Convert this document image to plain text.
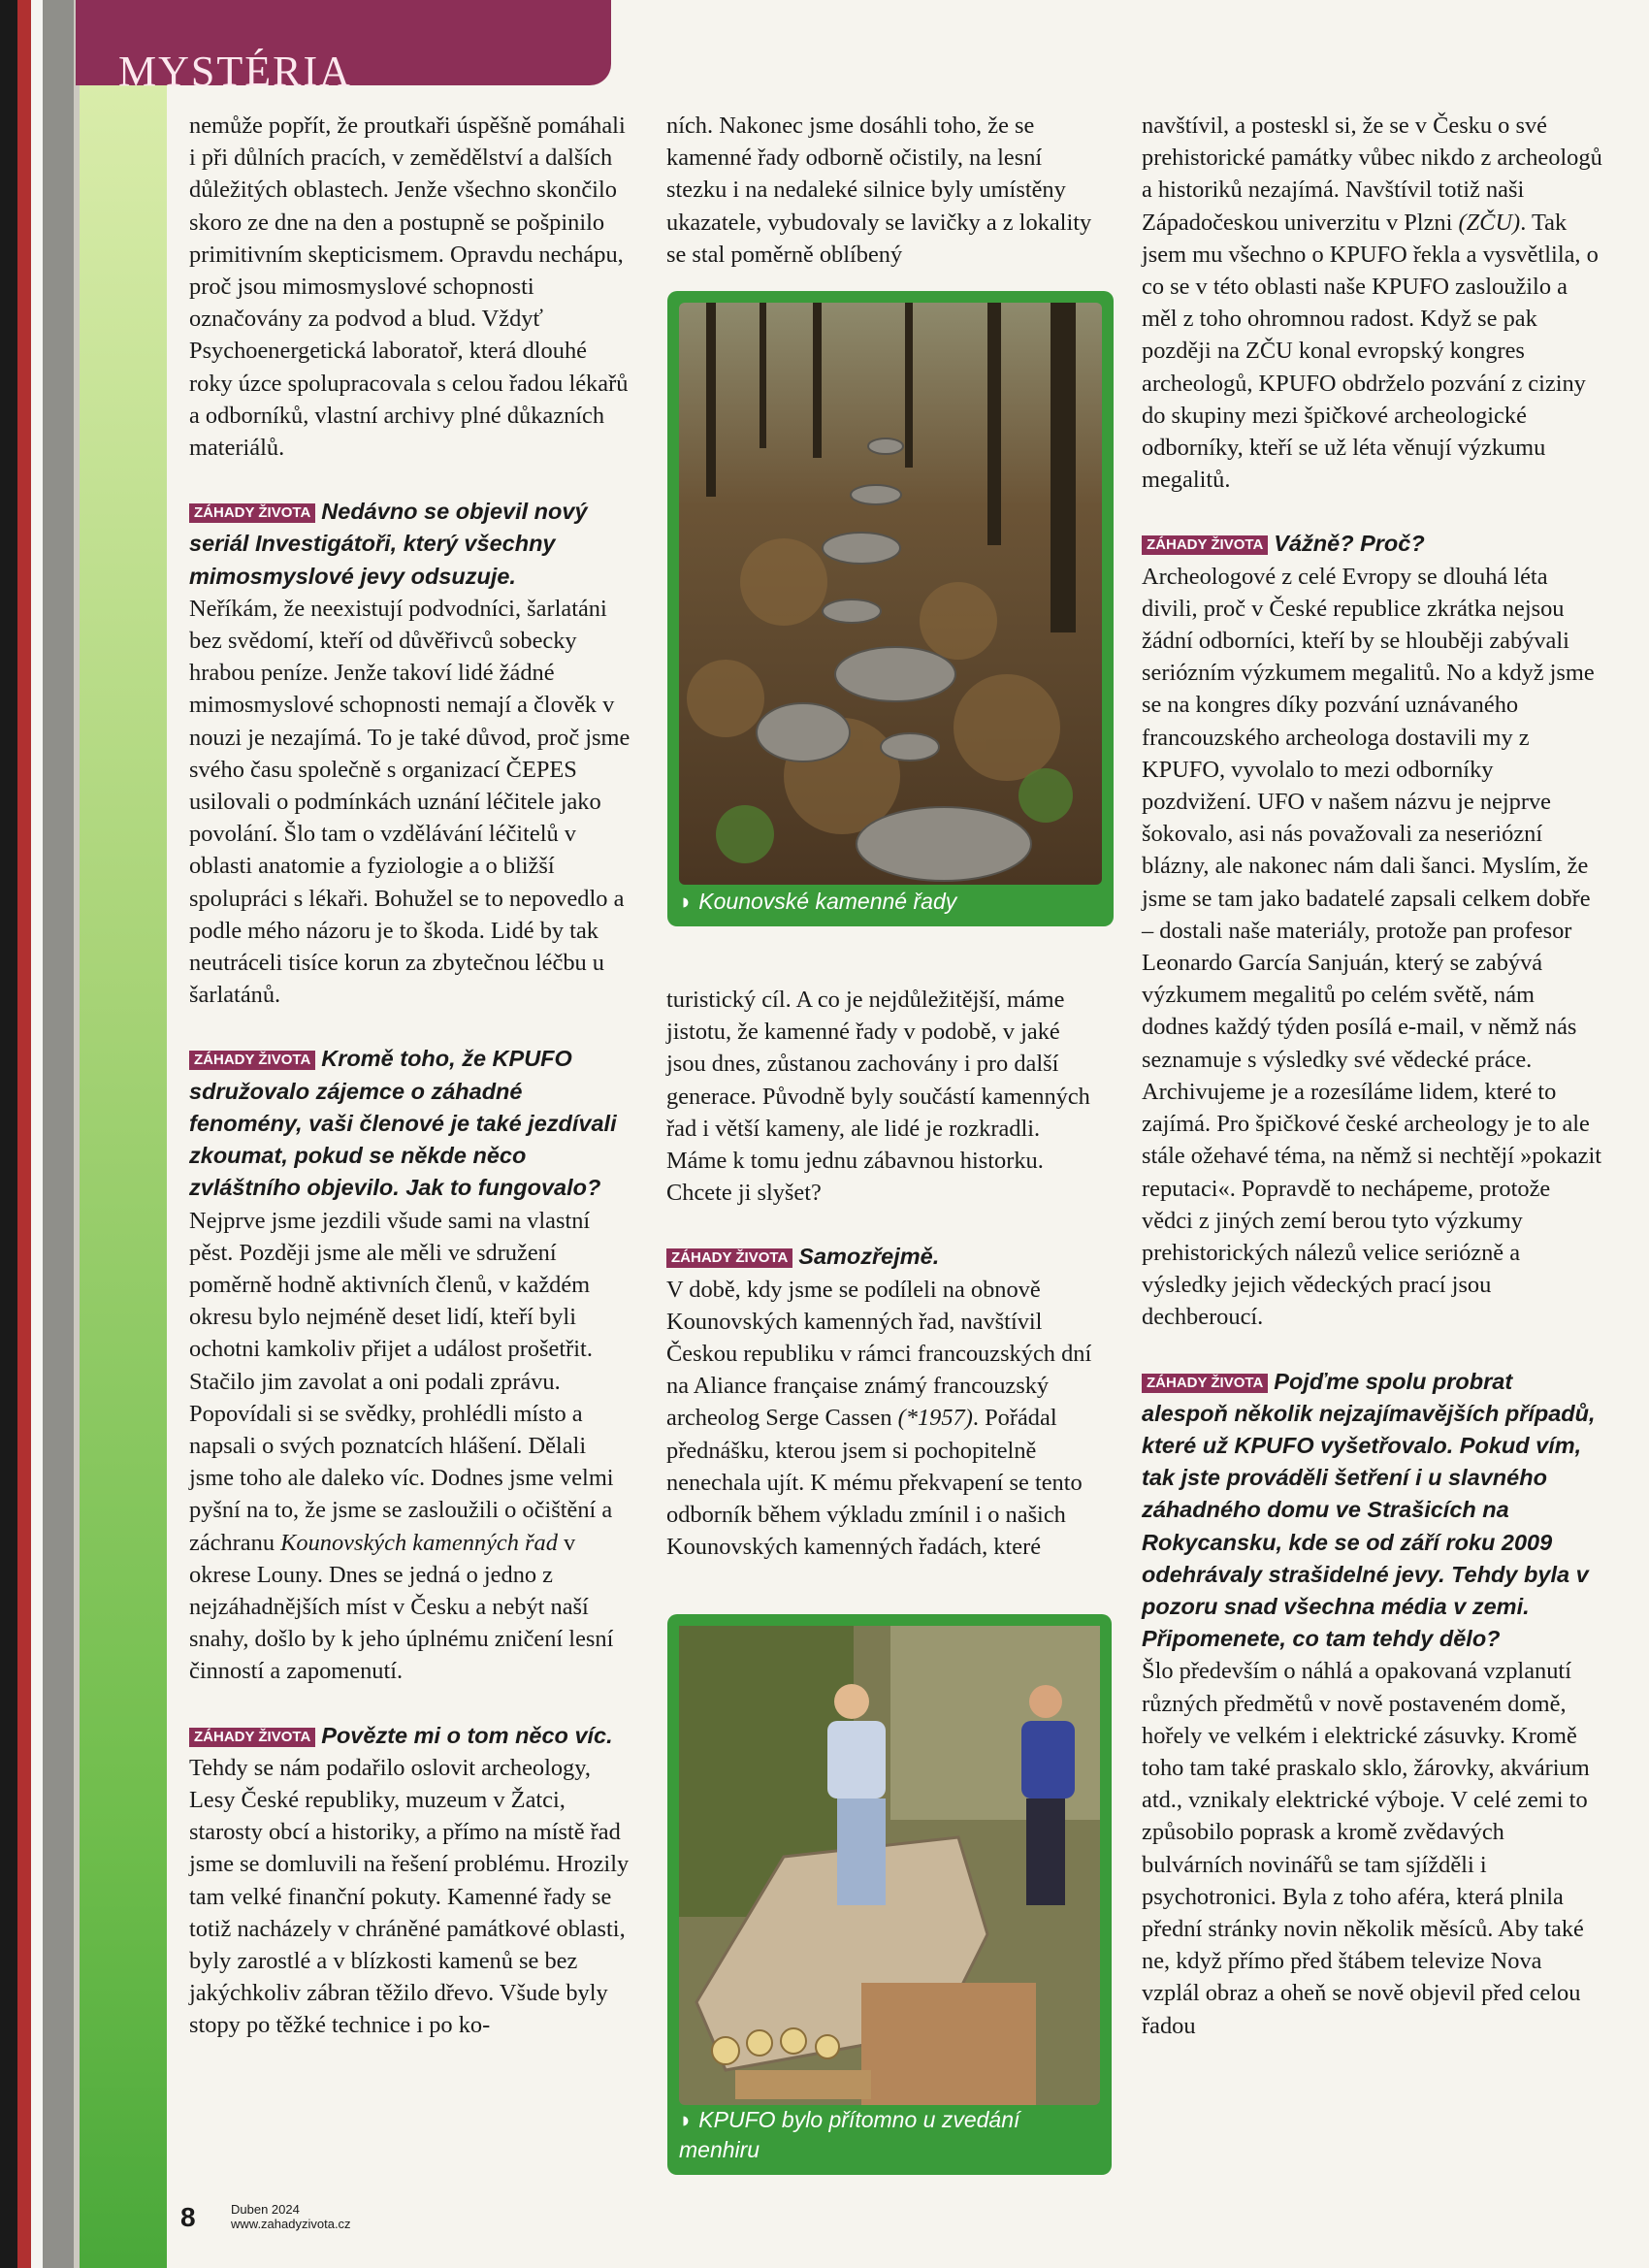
MYSTÉRIA

nemůže popřít, že proutkaři úspěšně pomáhali i při důlních pracích, v zemědělství a dalších důležitých oblastech. Jenže všechno skončilo skoro ze dne na den a postupně se pošpinilo primitivním skepticismem. Opravdu nechápu, proč jsou mimosmyslové schopnosti označovány za podvod a blud. Vždyť Psychoenergetická laboratoř, která dlouhé roky úzce spolupracovala s celou řadou lékařů a odborníků, vlastní archivy plné důkazních materiálů.

ZÁHADY ŽIVOTA Nedávno se objevil nový seriál Investigátoři, který všechny mimosmyslové jevy odsuzuje.

Neříkám, že neexistují podvodníci, šarlatáni bez svědomí, kteří od důvěřivců sobecky hrabou peníze. Jenže takoví lidé žádné mimosmyslové schopnosti nemají a člověk v nouzi je nezajímá. To je také důvod, proč jsme svého času společně s organizací ČEPES usilovali o podmínkách uznání léčitele jako povolání. Šlo tam o vzdělávání léčitelů v oblasti anatomie a fyziologie a o bližší spolupráci s lékaři. Bohužel se to nepovedlo a podle mého názoru je to škoda. Lidé by tak neutráceli tisíce korun za zbytečnou léčbu u šarlatánů.

ZÁHADY ŽIVOTA Kromě toho, že KPUFO sdružovalo zájemce o záhadné fenomény, vaši členové je také jezdívali zkoumat, pokud se někde něco zvláštního objevilo. Jak to fungovalo?

Nejprve jsme jezdili všude sami na vlastní pěst. Později jsme ale měli ve sdružení poměrně hodně aktivních členů, v každém okresu bylo nejméně deset lidí, kteří byli ochotni kamkoliv přijet a událost prošetřit. Stačilo jim zavolat a oni podali zprávu. Popovídali si se svědky, prohlédli místo a napsali o svých poznatcích hlášení. Dělali jsme toho ale daleko víc. Dodnes jsme velmi pyšní na to, že jsme se zasloužili o očištění a záchranu Kounovských kamenných řad v okrese Louny. Dnes se jedná o jedno z nejzáhadnějších míst v Česku a nebýt naší snahy, došlo by k jeho úplnému zničení lesní činností a zapomenutí.

ZÁHADY ŽIVOTA Povězte mi o tom něco víc.

Tehdy se nám podařilo oslovit archeology, Lesy České republiky, muzeum v Žatci, starosty obcí a historiky, a přímo na místě řad jsme se domluvili na řešení problému. Hrozily tam velké finanční pokuty. Kamenné řady se totiž nacházely v chráněné památkové oblasti, byly zarostlé a v blízkosti kamenů se bez jakýchkoliv zábran těžilo dřevo. Všude byly stopy po těžké technice i po ko-

ních. Nakonec jsme dosáhli toho, že se kamenné řady odborně očistily, na lesní stezku i na nedaleké silnice byly umístěny ukazatele, vybudovaly se lavičky a z lokality se stal poměrně oblíbený

◗ Kounovské kamenné řady

turistický cíl. A co je nejdůležitější, máme jistotu, že kamenné řady v podobě, v jaké jsou dnes, zůstanou zachovány i pro další generace. Původně byly součástí kamenných řad i větší kameny, ale lidé je rozkradli. Máme k tomu jednu zábavnou historku. Chcete ji slyšet?

ZÁHADY ŽIVOTA Samozřejmě.

V době, kdy jsme se podíleli na obnově Kounovských kamenných řad, navštívil Českou republiku v rámci francouzských dní na Aliance française známý francouzský archeolog Serge Cassen (*1957). Pořádal přednášku, kterou jsem si pochopitelně nenechala ujít. K mému překvapení se tento odborník během výkladu zmínil i o našich Kounovských kamenných řadách, které

◗ KPUFO bylo přítomno u zvedání menhiru

navštívil, a posteskl si, že se v Česku o své prehistorické památky vůbec nikdo z archeologů a historiků nezajímá. Navštívil totiž naši Západočeskou univerzitu v Plzni (ZČU). Tak jsem mu všechno o KPUFO řekla a vysvětlila, o co se v této oblasti naše KPUFO zasloužilo a měl z toho ohromnou radost. Když se pak později na ZČU konal evropský kongres archeologů, KPUFO obdrželo pozvání z ciziny do skupiny mezi špičkové archeologické odborníky, kteří se už léta věnují výzkumu megalitů.

ZÁHADY ŽIVOTA Vážně? Proč?

Archeologové z celé Evropy se dlouhá léta divili, proč v České republice zkrátka nejsou žádní odborníci, kteří by se hlouběji zabývali seriózním výzkumem megalitů. No a když jsme se na kongres díky pozvání uznávaného francouzského archeologa dostavili my z KPUFO, vyvolalo to mezi odborníky pozdvižení. UFO v našem názvu je nejprve šokovalo, asi nás považovali za neseriózní blázny, ale nakonec nám dali šanci. Myslím, že jsme se tam jako badatelé zapsali celkem dobře – dostali naše materiály, protože pan profesor Leonardo García Sanjuán, který se zabývá výzkumem megalitů po celém světě, nám dodnes každý týden posílá e-mail, v němž nás seznamuje s výsledky své vědecké práce. Archivujeme je a rozesíláme lidem, které to zajímá. Pro špičkové české archeology je to ale stále ožehavé téma, na němž si nechtějí »pokazit reputaci«. Popravdě to nechápeme, protože vědci z jiných zemí berou tyto výzkumy prehistorických nálezů velice seriózně a výsledky jejich vědeckých prací jsou dechberoucí.

ZÁHADY ŽIVOTA Pojďme spolu probrat alespoň několik nejzajímavějších případů, které už KPUFO vyšetřovalo. Pokud vím, tak jste prováděli šetření i u slavného záhadného domu ve Strašicích na Rokycansku, kde se od září roku 2009 odehrávaly strašidelné jevy. Tehdy byla v pozoru snad všechna média v zemi. Připomenete, co tam tehdy dělo?

Šlo především o náhlá a opakovaná vzplanutí různých předmětů v nově postaveném domě, hořely ve velkém i elektrické zásuvky. Kromě toho tam také praskalo sklo, žárovky, akvárium atd., vznikaly elektrické výboje. V celé zemi to způsobilo poprask a kromě zvědavých bulvárních novinářů se tam sjížděli i psychotronici. Byla z toho aféra, která plnila přední stránky novin několik měsíců. Aby také ne, když přímo před štábem televize Nova vzplál obraz a oheň se nově objevil před celou řadou

8	Duben 2024
www.zahadyzivota.cz
